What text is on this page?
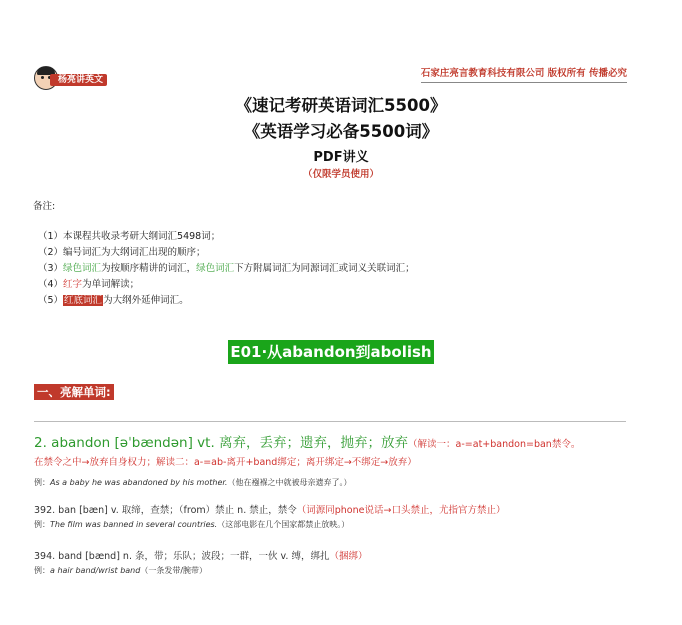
杨亮讲英文
石家庄亮言教育科技有限公司 版权所有 传播必究
《速记考研英语词汇5500》
《英语学习必备5500词》
PDF讲义
（仅限学员使用）
备注:
（1）本课程共收录考研大纲词汇5498词；
（2）编号词汇为大纲词汇出现的顺序；
（3）绿色词汇为按顺序精讲的词汇，绿色词汇下方附属词汇为同源词汇或词义关联词汇；
（4）红字为单词解读；
（5）红底词汇为大纲外延伸词汇。
E01·从abandon到abolish
一、亮解单词:
2. abandon [əˈbændən] vt. 离弃，丢弃；遗弃，抛弃；放弃（解读一：a-=at+bandon=ban禁令。
在禁令之中→放弃自身权力；解读二：a-=ab-离开+band绑定；离开绑定→不绑定→放弃）
例：As a baby he was abandoned by his mother.（他在襁褓之中就被母亲遗弃了。）
392. ban [bæn] v. 取缔，查禁；（from）禁止 n. 禁止，禁令（词源同phone说话→口头禁止，尤指官方禁止）
例：The film was banned in several countries.（这部电影在几个国家都禁止放映。）
394. band [bænd] n. 条，带；乐队；波段；一群，一伙 v. 缚，绑扎（捆绑）
例：a hair band/wrist band（一条发带/腕带）
